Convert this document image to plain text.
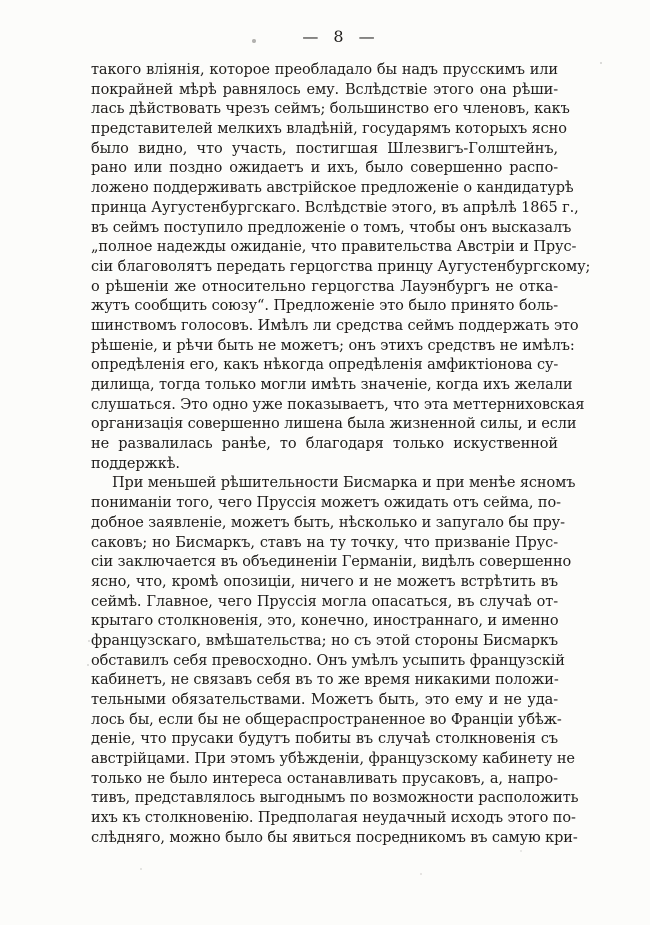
— 8 —
такого вліянія, которое преобладало бы надъ прусскимъ или
покрайней мѣрѣ равнялось ему. Вслѣдствіе этого она рѣши-
лась дѣйствовать чрезъ сеймъ; большинство его членовъ, какъ
представителей мелкихъ владѣній, государямъ которыхъ ясно
было видно, что участь, постигшая Шлезвигъ-Голштейнъ,
рано или поздно ожидаетъ и ихъ, было совершенно распо-
ложено поддерживать австрійское предложеніе о кандидатурѣ
принца Аугустенбургскаго. Вслѣдствіе этого, въ апрѣлѣ 1865 г.,
въ сеймъ поступило предложеніе о томъ, чтобы онъ высказалъ
„полное надежды ожиданіе, что правительства Австріи и Прус-
сіи благоволятъ передать герцогства принцу Аугустенбургскому;
о рѣшеніи же относительно герцогства Лауэнбургъ не отка-
жутъ сообщить союзу“. Предложеніе это было принято боль-
шинствомъ голосовъ. Имѣлъ ли средства сеймъ поддержать это
рѣшеніе, и рѣчи быть не можетъ; онъ этихъ средствъ не имѣлъ:
опредѣленія его, какъ нѣкогда опредѣленія амфиктіонова су-
дилища, тогда только могли имѣть значеніе, когда ихъ желали
слушаться. Это одно уже показываетъ, что эта меттерниховская
организація совершенно лишена была жизненной силы, и если
не развалилась ранѣе, то благодаря только искуственной
поддержкѣ.
При меньшей рѣшительности Бисмарка и при менѣе ясномъ
пониманіи того, чего Пруссія можетъ ожидать отъ сейма, по-
добное заявленіе, можетъ быть, нѣсколько и запугало бы пру-
саковъ; но Бисмаркъ, ставъ на ту точку, что призваніе Прус-
сіи заключается въ объединеніи Германіи, видѣлъ совершенно
ясно, что, кромѣ опозиціи, ничего и не можетъ встрѣтить въ
сеймѣ. Главное, чего Пруссія могла опасаться, въ случаѣ от-
крытаго столкновенія, это, конечно, иностраннаго, и именно
французскаго, вмѣшательства; но съ этой стороны Бисмаркъ
обставилъ себя превосходно. Онъ умѣлъ усыпить французскій
кабинетъ, не связавъ себя въ то же время никакими положи-
тельными обязательствами. Можетъ быть, это ему и не уда-
лось бы, если бы не общераспространенное во Франціи убѣж-
деніе, что прусаки будутъ побиты въ случаѣ столкновенія съ
австрійцами. При этомъ убѣжденіи, французскому кабинету не
только не было интереса останавливать прусаковъ, а, напро-
тивъ, представлялось выгоднымъ по возможности расположить
ихъ къ столкновенію. Предполагая неудачный исходъ этого по-
слѣдняго, можно было бы явиться посредникомъ въ самую кри-
